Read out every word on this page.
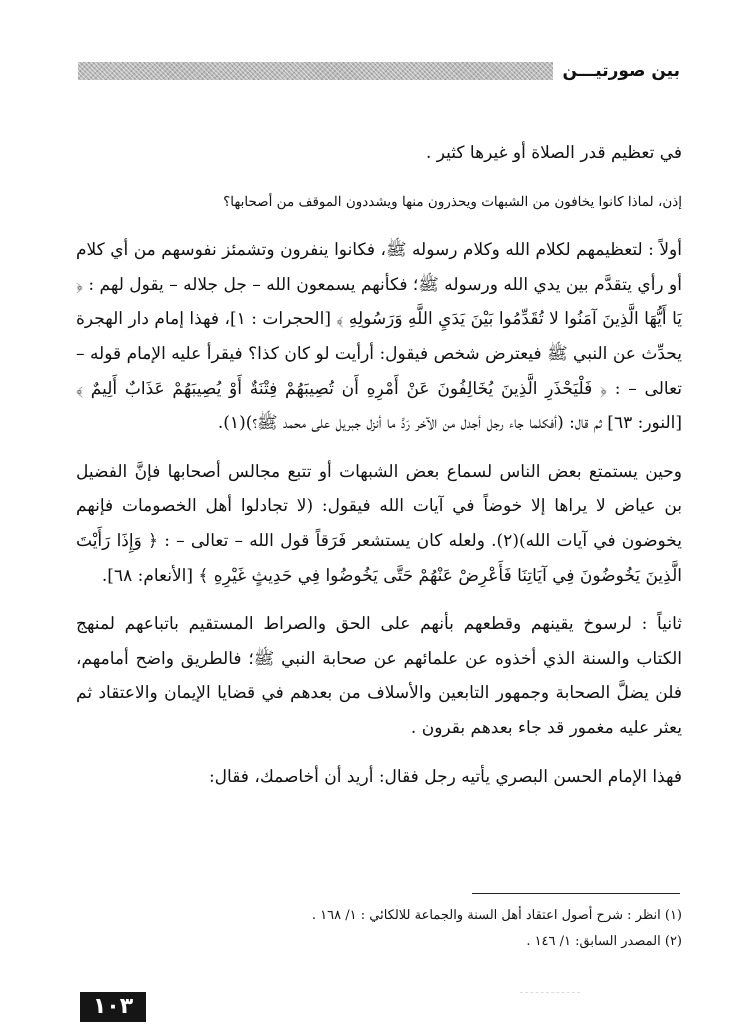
بين صورتيـــن

في تعظيم قدر الصلاة أو غيرها كثير .

إذن، لماذا كانوا يخافون من الشبهات ويحذرون منها ويشددون الموقف من أصحابها؟

أولاً : لتعظيمهم لكلام الله وكلام رسوله ﷺ، فكانوا ينفرون وتشمئز نفوسهم من أي كلام أو رأي يتقدَّم بين يدي الله ورسوله ﷺ؛ فكأنهم يسمعون الله – جل جلاله – يقول لهم : ﴿ يَا أَيُّهَا الَّذِينَ آمَنُوا لا تُقَدِّمُوا بَيْنَ يَدَيِ اللَّهِ وَرَسُولِهِ ﴾ [الحجرات : ١]، فهذا إمام دار الهجرة يحدِّث عن النبي ﷺ فيعترض شخص فيقول: أرأيت لو كان كذا؟ فيقرأ عليه الإمام قوله – تعالى – : ﴿ فَلْيَحْذَرِ الَّذِينَ يُخَالِفُونَ عَنْ أَمْرِهِ أَن تُصِيبَهُمْ فِتْنَةٌ أَوْ يُصِيبَهُمْ عَذَابٌ أَلِيمٌ ﴾ [النور: ٦٣] ثم قال: (أفكلما جاء رجل أجدل من الآخر رَدَّ ما أنزل جبريل على محمد ﷺ؟)(١).

وحين يستمتع بعض الناس لسماع بعض الشبهات أو تتبع مجالس أصحابها فإنَّ الفضيل بن عياض لا يراها إلا خوضاً في آيات الله فيقول: (لا تجادلوا أهل الخصومات فإنهم يخوضون في آيات الله)(٢). ولعله كان يستشعر فَرَقاً قول الله – تعالى – : ﴿ وَإِذَا رَأَيْتَ الَّذِينَ يَخُوضُونَ فِي آيَاتِنَا فَأَعْرِضْ عَنْهُمْ حَتَّى يَخُوضُوا فِي حَدِيثٍ غَيْرِهِ ﴾ [الأنعام: ٦٨].

ثانياً : لرسوخ يقينهم وقطعهم بأنهم على الحق والصراط المستقيم باتباعهم لمنهج الكتاب والسنة الذي أخذوه عن علمائهم عن صحابة النبي ﷺ؛ فالطريق واضح أمامهم، فلن يضلَّ الصحابة وجمهور التابعين والأسلاف من بعدهم في قضايا الإيمان والاعتقاد ثم يعثر عليه مغمور قد جاء بعدهم بقرون .

فهذا الإمام الحسن البصري يأتيه رجل فقال: أريد أن أخاصمك، فقال:

(١) انظر : شرح أصول اعتقاد أهل السنة والجماعة للالكائي : ١/ ١٦٨ .

(٢) المصدر السابق: ١/ ١٤٦ .

١٠٣
